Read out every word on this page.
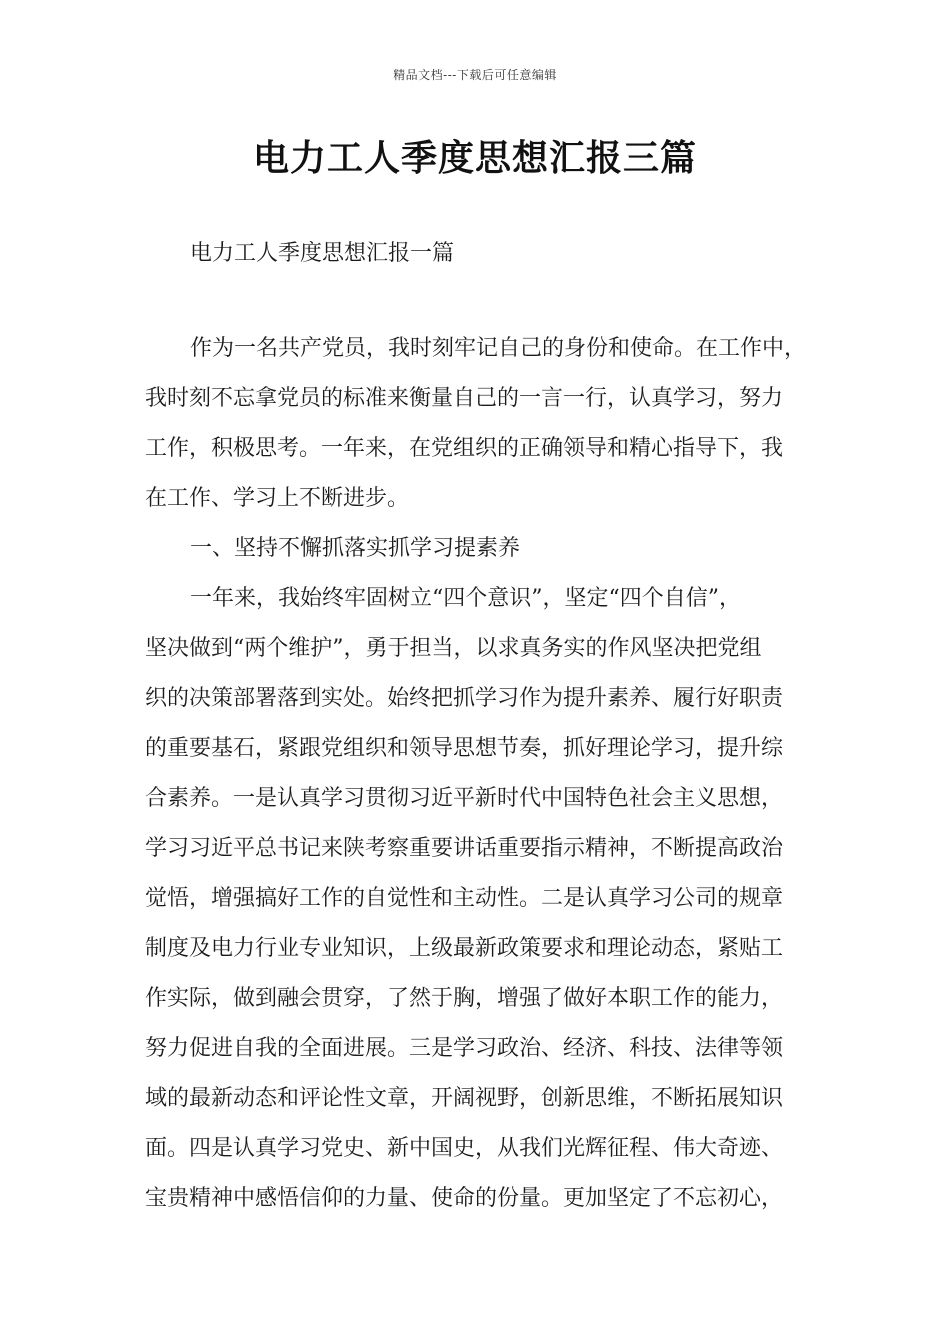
精品文档---下载后可任意编辑
电力工人季度思想汇报三篇

电力工人季度思想汇报一篇

作为一名共产党员，我时刻牢记自己的身份和使命。在工作中，
我时刻不忘拿党员的标准来衡量自己的一言一行，认真学习，努力
工作，积极思考。一年来，在党组织的正确领导和精心指导下，我
在工作、学习上不断进步。
一、坚持不懈抓落实抓学习提素养
一年来，我始终牢固树立“四个意识”，坚定“四个自信”，
坚决做到“两个维护”，勇于担当，以求真务实的作风坚决把党组
织的决策部署落到实处。始终把抓学习作为提升素养、履行好职责
的重要基石，紧跟党组织和领导思想节奏，抓好理论学习，提升综
合素养。一是认真学习贯彻习近平新时代中国特色社会主义思想，
学习习近平总书记来陕考察重要讲话重要指示精神，不断提高政治
觉悟，增强搞好工作的自觉性和主动性。二是认真学习公司的规章
制度及电力行业专业知识，上级最新政策要求和理论动态，紧贴工
作实际，做到融会贯穿，了然于胸，增强了做好本职工作的能力，
努力促进自我的全面进展。三是学习政治、经济、科技、法律等领
域的最新动态和评论性文章，开阔视野，创新思维，不断拓展知识
面。四是认真学习党史、新中国史，从我们光辉征程、伟大奇迹、
宝贵精神中感悟信仰的力量、使命的份量。更加坚定了不忘初心，
